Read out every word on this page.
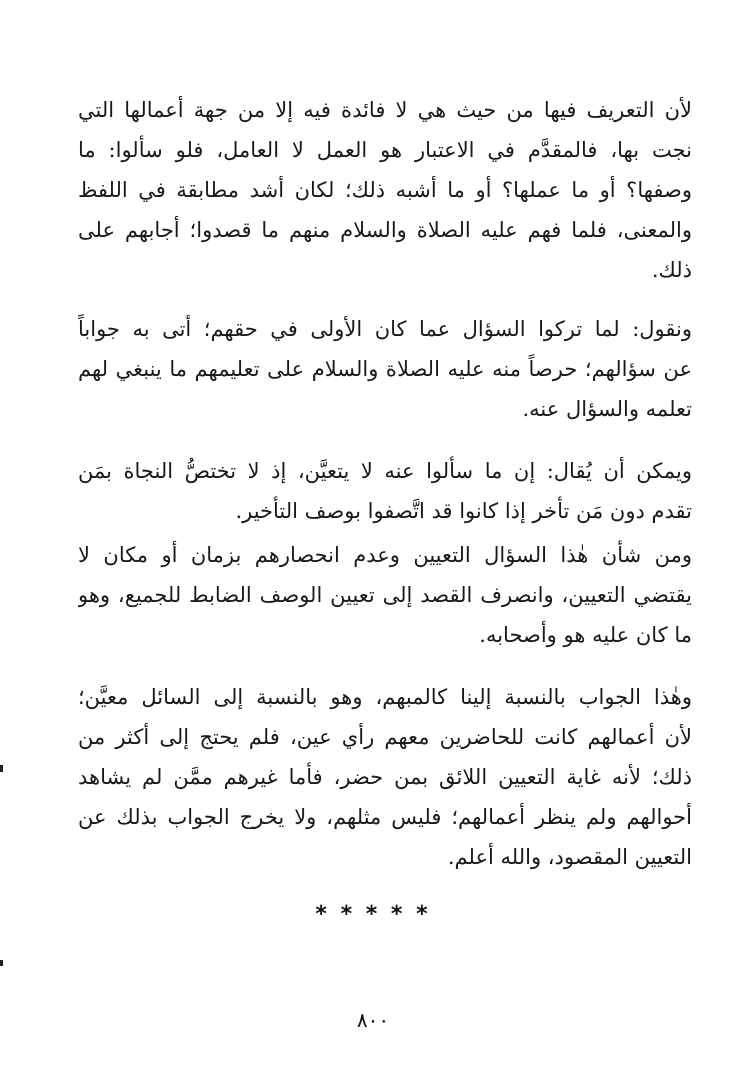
لأن التعريف فيها من حيث هي لا فائدة فيه إلا من جهة أعمالها التي
نجت بها، فالمقدَّم في الاعتبار هو العمل لا العامل، فلو سألوا: ما
وصفها؟ أو ما عملها؟ أو ما أشبه ذلك؛ لكان أشد مطابقة في اللفظ
والمعنى، فلما فهم عليه الصلاة والسلام منهم ما قصدوا؛ أجابهم على
ذلك.
ونقول: لما تركوا السؤال عما كان الأولى في حقهم؛ أتى به جواباً
عن سؤالهم؛ حرصاً منه عليه الصلاة والسلام على تعليمهم ما ينبغي لهم
تعلمه والسؤال عنه.
ويمكن أن يُقال: إن ما سألوا عنه لا يتعيَّن، إذ لا تختصُّ النجاة بمَن
تقدم دون مَن تأخر إذا كانوا قد اتَّصفوا بوصف التأخير.
ومن شأن هٰذا السؤال التعيين وعدم انحصارهم بزمان أو مكان لا
يقتضي التعيين، وانصرف القصد إلى تعيين الوصف الضابط للجميع، وهو
ما كان عليه هو وأصحابه.
وهٰذا الجواب بالنسبة إلينا كالمبهم، وهو بالنسبة إلى السائل معيَّن؛
لأن أعمالهم كانت للحاضرين معهم رأي عين، فلم يحتج إلى أكثر من
ذلك؛ لأنه غاية التعيين اللائق بمن حضر، فأما غيرهم ممَّن لم يشاهد
أحوالهم ولم ينظر أعمالهم؛ فليس مثلهم، ولا يخرج الجواب بذلك عن
التعيين المقصود، والله أعلم.
* * * * *
٨٠٠
